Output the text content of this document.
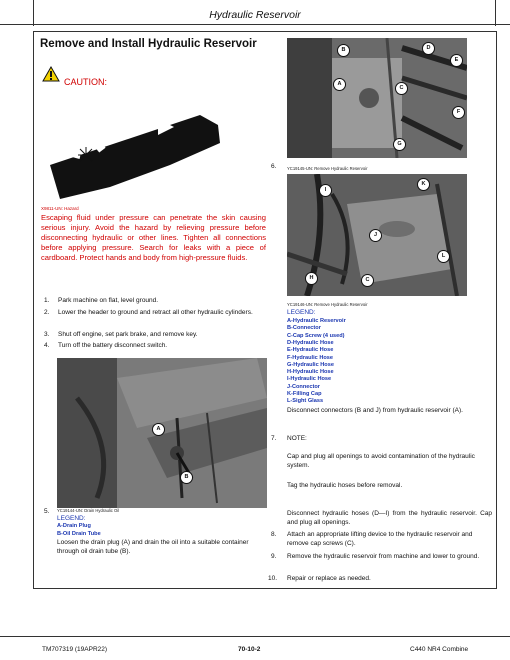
Hydraulic Reservoir
Remove and Install Hydraulic Reservoir
CAUTION:
X9811-UN: Hazard
Escaping fluid under pressure can penetrate the skin causing serious injury. Avoid the hazard by relieving pressure before disconnecting hydraulic or other lines. Tighten all connections before applying pressure. Search for leaks with a piece of cardboard. Protect hands and body from high-pressure fluids.
1. Park machine on flat, level ground.
2. Lower the header to ground and retract all other hydraulic cylinders.
3. Shut off engine, set park brake, and remove key.
4. Turn off the battery disconnect switch.
A
B
5. YC19144-UN: Drain Hydraulic Oil
LEGEND:
A-Drain Plug
B-Oil Drain Tube
Loosen the drain plug (A) and drain the oil into a suitable container through oil drain tube (B).
B	D
E
A
C
F
G
6.	YC19145-UN: Remove Hydraulic Reservoir
I
K
J
L
H	C
YC19146-UN: Remove Hydraulic Reservoir
LEGEND:
A-Hydraulic Reservoir
B-Connector
C-Cap Screw (4 used)
D-Hydraulic Hose
E-Hydraulic Hose
F-Hydraulic Hose
G-Hydraulic Hose
H-Hydraulic Hose
I-Hydraulic Hose
J-Connector
K-Filling Cap
L-Sight Glass
Disconnect connectors (B and J) from hydraulic reservoir (A).
7. NOTE:
Cap and plug all openings to avoid contamination of the hydraulic system.
Tag the hydraulic hoses before removal.
Disconnect hydraulic hoses (D—I) from the hydraulic reservoir. Cap and plug all openings.
8. Attach an appropriate lifting device to the hydraulic reservoir and remove cap screws (C).
9. Remove the hydraulic reservoir from machine and lower to ground.
10. Repair or replace as needed.
TM707319 (19APR22)	70-10-2	C440 NR4 Combine
